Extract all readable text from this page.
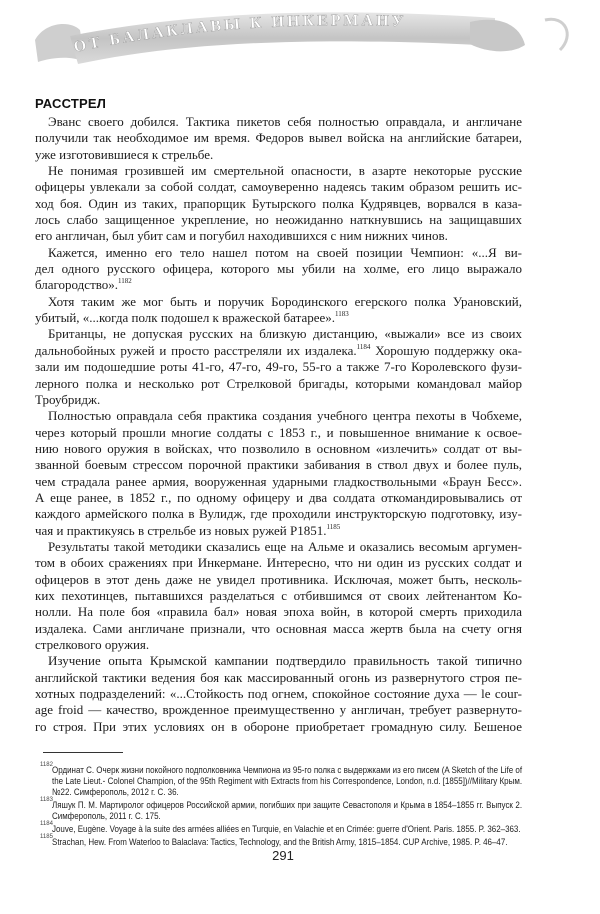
ОТ БАЛАКЛАВЫ К ИНКЕРМАНУ
РАССТРЕЛ
Эванс своего добился. Тактика пикетов себя полностью оправдала, и англичане
получили так необходимое им время. Федоров вывел войска на английские батареи,
уже изготовившиеся к стрельбе.
Не понимая грозившей им смертельной опасности, в азарте некоторые русские
офицеры увлекали за собой солдат, самоуверенно надеясь таким образом решить ис-
ход боя. Один из таких, прапорщик Бутырского полка Кудрявцев, ворвался в каза-
лось слабо защищенное укрепление, но неожиданно наткнувшись на защищавших
его англичан, был убит сам и погубил находившихся с ним нижних чинов.
Кажется, именно его тело нашел потом на своей позиции Чемпион: «...Я ви-
дел одного русского офицера, которого мы убили на холме, его лицо выражало
благородство».$^{1182}$
Хотя таким же мог быть и поручик Бородинского егерского полка Урановский,
убитый, «...когда полк подошел к вражеской батарее».$^{1183}$
Британцы, не допуская русских на близкую дистанцию, «выжали» все из своих
дальнобойных ружей и просто расстреляли их издалека.$^{1184}$ Хорошую поддержку ока-
зали им подошедшие роты 41-го, 47-го, 49-го, 55-го а также 7-го Королевского фузи-
лерного полка и несколько рот Стрелковой бригады, которыми командовал майор
Троубридж.
Полностью оправдала себя практика создания учебного центра пехоты в Чобхеме,
через который прошли многие солдаты с 1853 г., и повышенное внимание к освое-
нию нового оружия в войсках, что позволило в основном «излечить» солдат от вы-
званной боевым стрессом порочной практики забивания в ствол двух и более пуль,
чем страдала ранее армия, вооруженная ударными гладкоствольными «Браун Бесс».
А еще ранее, в 1852 г., по одному офицеру и два солдата откомандировывались от
каждого армейского полка в Вулидж, где проходили инструкторскую подготовку, изу-
чая и практикуясь в стрельбе из новых ружей P1851.$^{1185}$
Результаты такой методики сказались еще на Альме и оказались весомым аргумен-
том в обоих сражениях при Инкермане. Интересно, что ни один из русских солдат и
офицеров в этот день даже не увидел противника. Исключая, может быть, несколь-
ких пехотинцев, пытавшихся разделаться с отбившимся от своих лейтенантом Ко-
нолли. На поле боя «правила бал» новая эпоха войн, в которой смерть приходила
издалека. Сами англичане признали, что основная масса жертв была на счету огня
стрелкового оружия.
Изучение опыта Крымской кампании подтвердило правильность такой типично
английской тактики ведения боя как массированный огонь из развернутого строя пе-
хотных подразделений: «...Стойкость под огнем, спокойное состояние духа — le cour-
age froid — качество, врожденное преимущественно у англичан, требует развернуто-
го строя. При этих условиях он в обороне приобретает громадную силу. Бешеное
1182 Ординат С. Очерк жизни покойного подполковника Чемпиона из 95-го полка с выдержками из его писем (A Sketch of the Life of
the Late Lieut.- Colonel Champion, of the 95th Regiment with Extracts from his Correspondence, London, n.d. [1855])//Military Крым.
№22. Симферополь, 2012 г. С. 36.
1183 Ляшук П. М. Мартиролог офицеров Российской армии, погибших при защите Севастополя и Крыма в 1854–1855 гг. Выпуск 2.
Симферополь, 2011 г. С. 175.
1184 Jouve, Eugène. Voyage à la suite des armées alliées en Turquie, en Valachie et en Crimée: guerre d'Orient. Paris. 1855. P. 362–363.
1185 Strachan, Hew. From Waterloo to Balaclava: Tactics, Technology, and the British Army, 1815–1854. CUP Archive, 1985. P. 46–47.
291
